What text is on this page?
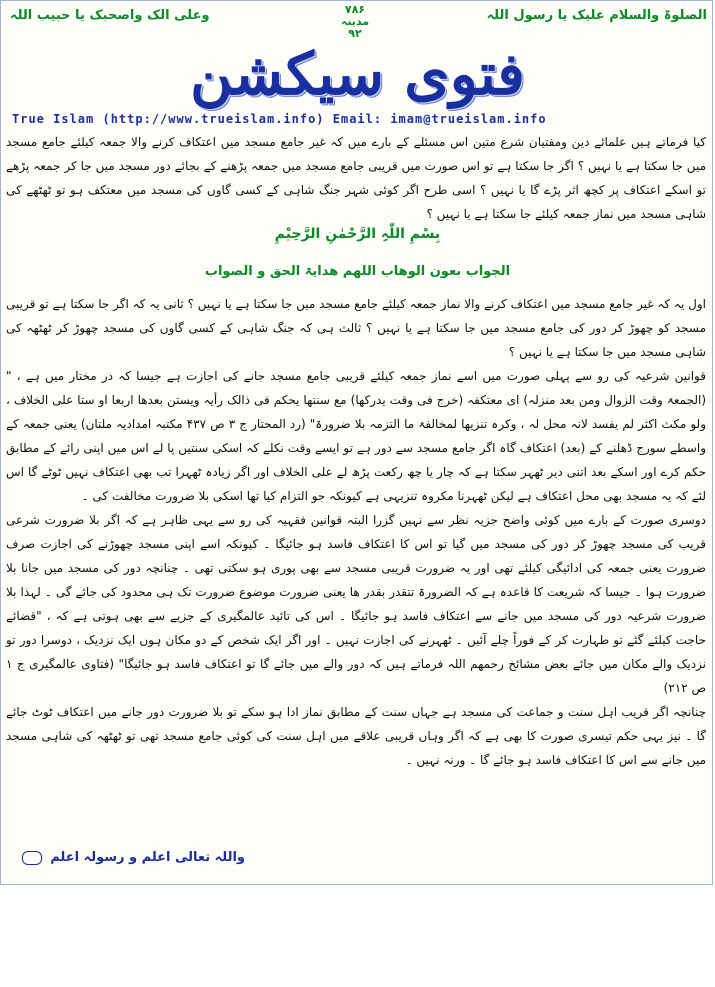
الصلوۃ والسلام علیک یا رسول اللہ
وعلی الک واصحبک یا حبیب اللہ	۷۸۶
مدینہ
۹۲
فتوی سیکشن
True Islam (http://www.trueislam.info) Email: imam@trueislam.info

کیا فرماتے ہیں علمائے دین ومفتیان شرع متین اس مسئلے کے بارے میں کہ غیر جامع مسجد میں اعتکاف کرنے والا جمعہ کیلئے جامع مسجد میں جا سکتا ہے یا نہیں ؟ اگر جا سکتا ہے تو اس صورت میں قریبی جامع مسجد میں جمعہ پڑھنے کے بجائے دور مسجد میں جا کر جمعہ پڑھے تو اسکے اعتکاف پر کچھ اثر پڑے گا یا نہیں ؟ اسی طرح اگر کوئی شہر جنگ شاہی کے کسی گاوں کی مسجد میں معتکف ہو تو ٹھٹھے کی شاہی مسجد میں نماز جمعہ کیلئے جا سکتا ہے یا نہیں ؟

بِسْمِ اللّٰہِ الرَّحْمٰنِ الرَّحِیْمِ
الجواب بعون الوھاب اللھم ھدایۃ الحق و الصواب

اول یہ کہ غیر جامع مسجد میں اعتکاف کرنے والا نماز جمعہ کیلئے جامع مسجد میں جا سکتا ہے یا نہیں ؟ ثانی یہ کہ اگر جا سکتا ہے تو قریبی مسجد کو چھوڑ کر دور کی جامع مسجد میں جا سکتا ہے یا نہیں ؟ ثالث ہی کہ جنگ شاہی کے کسی گاوں کی مسجد چھوڑ کر ٹھٹھہ کی شاہی مسجد میں جا سکتا ہے یا نہیں ؟

قوانین شرعیہ کی رو سے پہلی صورت میں اسے نماز جمعہ کیلئے قریبی جامع مسجد جانے کی اجازت ہے جیسا کہ در مختار میں ہے ، "(الجمعۃ وقت الزوال ومن بعد منزلہ) ای معتکفہ (خرج فی وقت یدرکھا) مع سنتھا یحکم فی ذالک رأیہ ویستن بعدھا اربعا او ستا علی الخلاف ، ولو مکث اکثر لم یفسد لانہ محل لہ ، وکرہ تنزیھا لمخالفۃ ما التزمہ بلا ضرورۃ" (رد المحتار ج ۳ ص ۴۳۷ مکتبہ امدادیہ ملتان) یعنی جمعہ کے واسطے سورج ڈھلنے کے (بعد) اعتکاف گاہ اگر جامع مسجد سے دور ہے تو ایسے وقت نکلے کہ اسکی سنتیں پا لے اس میں اپنی رائے کے مطابق حکم کرے اور اسکے بعد اتنی دیر ٹھہر سکتا ہے کہ چار یا چھ رکعت پڑھ لے علی الخلاف اور اگر زیادہ ٹھہرا تب بھی اعتکاف نہیں ٹوٹے گا اس لئے کہ یہ مسجد بھی محل اعتکاف ہے لیکن ٹھہرنا مکروہ تنزیہی ہے کیونکہ جو التزام کیا تھا اسکی بلا ضرورت مخالفت کی ۔

دوسری صورت کے بارے میں کوئی واضح جزیہ نظر سے نہیں گزرا البتہ قوانین فقہیہ کی رو سے یہی ظاہر ہے کہ اگر بلا ضرورت شرعی قریب کی مسجد چھوڑ کر دور کی مسجد میں گیا تو اس کا اعتکاف فاسد ہو جائیگا ۔ کیونکہ اسے اپنی مسجد چھوڑنے کی اجازت صرف ضرورت یعنی جمعہ کی ادائیگی کیلئے تھی اور یہ ضرورت قریبی مسجد سے بھی پوری ہو سکتی تھی ۔ چنانچہ دور کی مسجد میں جانا بلا ضرورت ہوا ۔ جیسا کہ شریعت کا قاعدہ ہے کہ الضرورۃ تتقدر بقدر ھا یعنی ضرورت موضوع ضرورت تک ہی محدود کی جائے گی ۔ لہذا بلا ضرورت شرعیہ دور کی مسجد میں جانے سے اعتکاف فاسد ہو جائیگا ۔ اس کی تائید عالمگیری کے جزیے سے بھی ہوتی ہے کہ ، "قضائے حاجت کیلئے گئے تو طہارت کر کے فوراً چلے آئیں ۔ ٹھہرنے کی اجازت نہیں ۔ اور اگر ایک شخص کے دو مکان ہوں ایک نزدیک ، دوسرا دور تو نزدیک والے مکان میں جائے بعض مشائخ رحمھم اللہ فرماتے ہیں کہ دور والے میں جائے گا تو اعتکاف فاسد ہو جائیگا" (فتاوی عالمگیری ج ۱ ص ۲۱۲)

چنانچہ اگر قریب اہل سنت و جماعت کی مسجد ہے جہاں سنت کے مطابق نماز ادا ہو سکے تو بلا ضرورت دور جانے میں اعتکاف ٹوٹ جائے گا ۔ نیز یہی حکم تیسری صورت کا بھی ہے کہ اگر وہاں قریبی علاقے میں اہل سنت کی کوئی جامع مسجد تھی تو ٹھٹھہ کی شاہی مسجد میں جانے سے اس کا اعتکاف فاسد ہو جائے گا ۔ ورنہ نہیں ۔

واللہ تعالی اعلم و رسولہ اعلم
